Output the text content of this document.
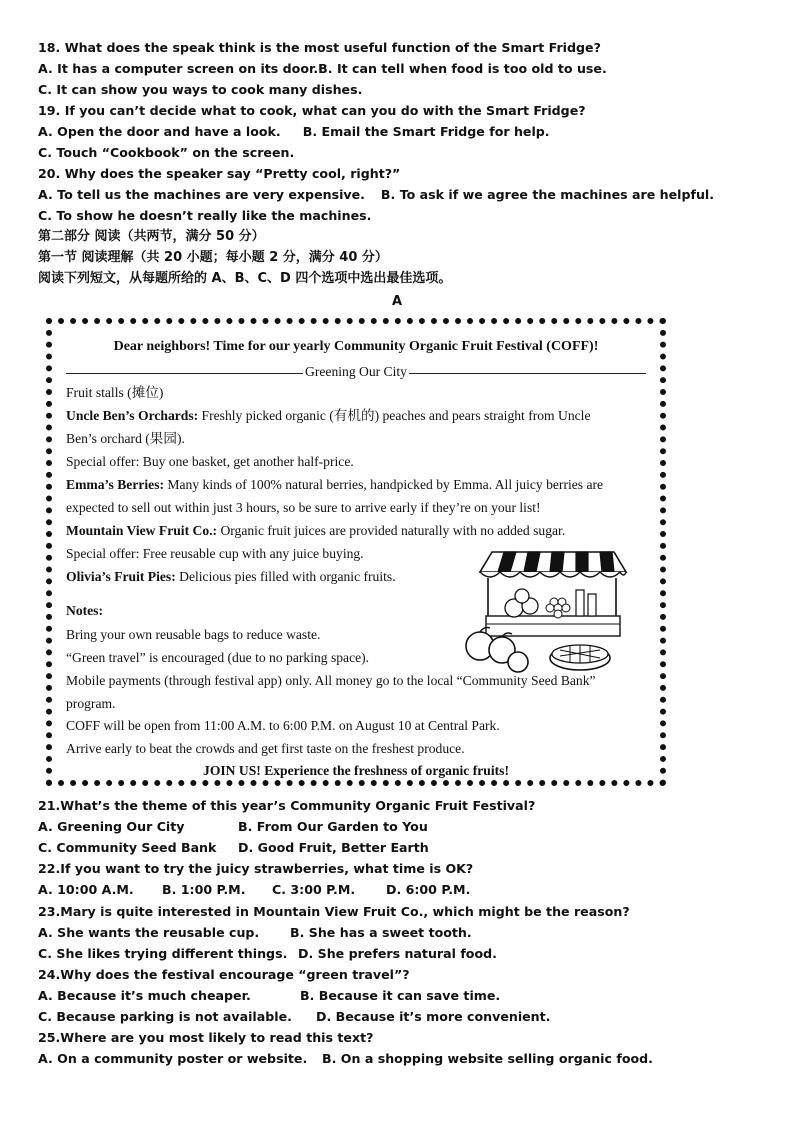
18. What does the speak think is the most useful function of the Smart Fridge?
A. It has a computer screen on its door.B. It can tell when food is too old to use.
C. It can show you ways to cook many dishes.
19. If you can’t decide what to cook, what can you do with the Smart Fridge?
A. Open the door and have a look. B. Email the Smart Fridge for help.
C. Touch “Cookbook” on the screen.
20. Why does the speaker say “Pretty cool, right?”
A. To tell us the machines are very expensive. B. To ask if we agree the machines are helpful.
C. To show he doesn’t really like the machines.
第二部分 阅读（共两节，满分 50 分）
第一节 阅读理解（共 20 小题；每小题 2 分，满分 40 分）
阅读下列短文，从每题所给的 A、B、C、D 四个选项中选出最佳选项。
A
Dear neighbors! Time for our yearly Community Organic Fruit Festival (COFF)!
Greening Our City
Fruit stalls (摊位)
Uncle Ben’s Orchards: Freshly picked organic (有机的) peaches and pears straight from Uncle
Ben’s orchard (果园).
Special offer: Buy one basket, get another half-price.
Emma’s Berries: Many kinds of 100% natural berries, handpicked by Emma. All juicy berries are
expected to sell out within just 3 hours, so be sure to arrive early if they’re on your list!
Mountain View Fruit Co.: Organic fruit juices are provided naturally with no added sugar.
Special offer: Free reusable cup with any juice buying.
Olivia’s Fruit Pies: Delicious pies filled with organic fruits.
Notes:
Bring your own reusable bags to reduce waste.
“Green travel” is encouraged (due to no parking space).
Mobile payments (through festival app) only. All money go to the local “Community Seed Bank”
program.
COFF will be open from 11:00 A.M. to 6:00 P.M. on August 10 at Central Park.
Arrive early to beat the crowds and get first taste on the freshest produce.
JOIN US! Experience the freshness of organic fruits!
21.What’s the theme of this year’s Community Organic Fruit Festival?
A. Greening Our City	B. From Our Garden to You
C. Community Seed Bank D. Good Fruit, Better Earth
22.If you want to try the juicy strawberries, what time is OK?
A. 10:00 A.M. B. 1:00 P.M. C. 3:00 P.M. D. 6:00 P.M.
23.Mary is quite interested in Mountain View Fruit Co., which might be the reason?
A. She wants the reusable cup. B. She has a sweet tooth.
C. She likes trying different things. D. She prefers natural food.
24.Why does the festival encourage “green travel”?
A. Because it’s much cheaper.	B. Because it can save time.
C. Because parking is not available. D. Because it’s more convenient.
25.Where are you most likely to read this text?
A. On a community poster or website. B. On a shopping website selling organic food.
